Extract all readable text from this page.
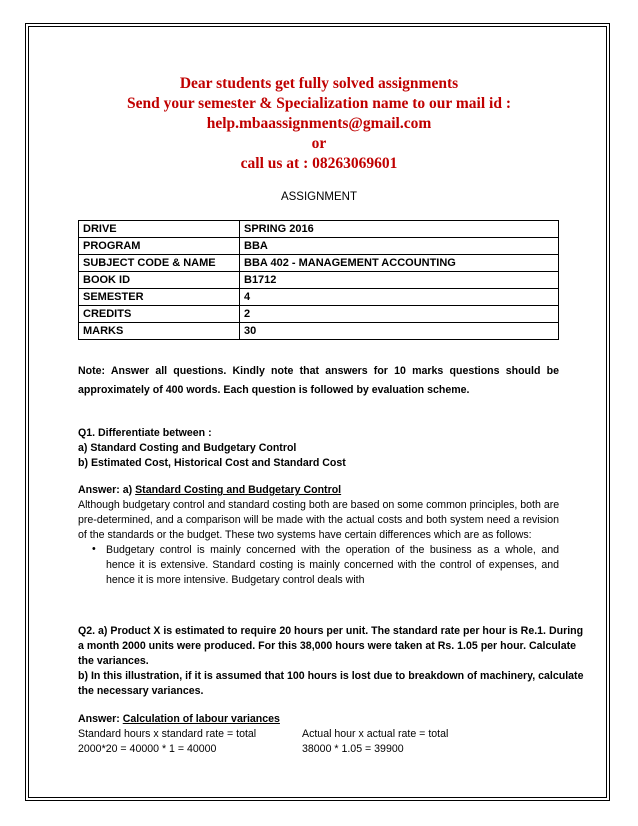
Dear students get fully solved assignments
Send your semester & Specialization name to our mail id :
help.mbaassignments@gmail.com
or
call us at : 08263069601
ASSIGNMENT
DRIVE	SPRING 2016
PROGRAM	BBA
SUBJECT CODE & NAME	BBA 402 - MANAGEMENT ACCOUNTING
BOOK ID	B1712
SEMESTER	4
CREDITS	2
MARKS	30
Note: Answer all questions. Kindly note that answers for 10 marks questions should be
approximately of 400 words. Each question is followed by evaluation scheme.
Q1. Differentiate between :
a) Standard Costing and Budgetary Control
b) Estimated Cost, Historical Cost and Standard Cost
Answer: a) Standard Costing and Budgetary Control
Although budgetary control and standard costing both are based on some common principles, both are
pre-determined, and a comparison will be made with the actual costs and both system need a revision
of the standards or the budget. These two systems have certain differences which are as follows:
• Budgetary control is mainly concerned with the operation of the business as a whole, and
hence it is extensive. Standard costing is mainly concerned with the control of expenses, and
hence it is more intensive. Budgetary control deals with
Q2. a) Product X is estimated to require 20 hours per unit. The standard rate per hour is Re.1. During
a month 2000 units were produced. For this 38,000 hours were taken at Rs. 1.05 per hour. Calculate
the variances.
b) In this illustration, if it is assumed that 100 hours is lost due to breakdown of machinery, calculate
the necessary variances.
Answer: Calculation of labour variances
Standard hours x standard rate = total	Actual hour x actual rate = total
2000*20 = 40000 * 1 = 40000	38000 * 1.05 = 39900
